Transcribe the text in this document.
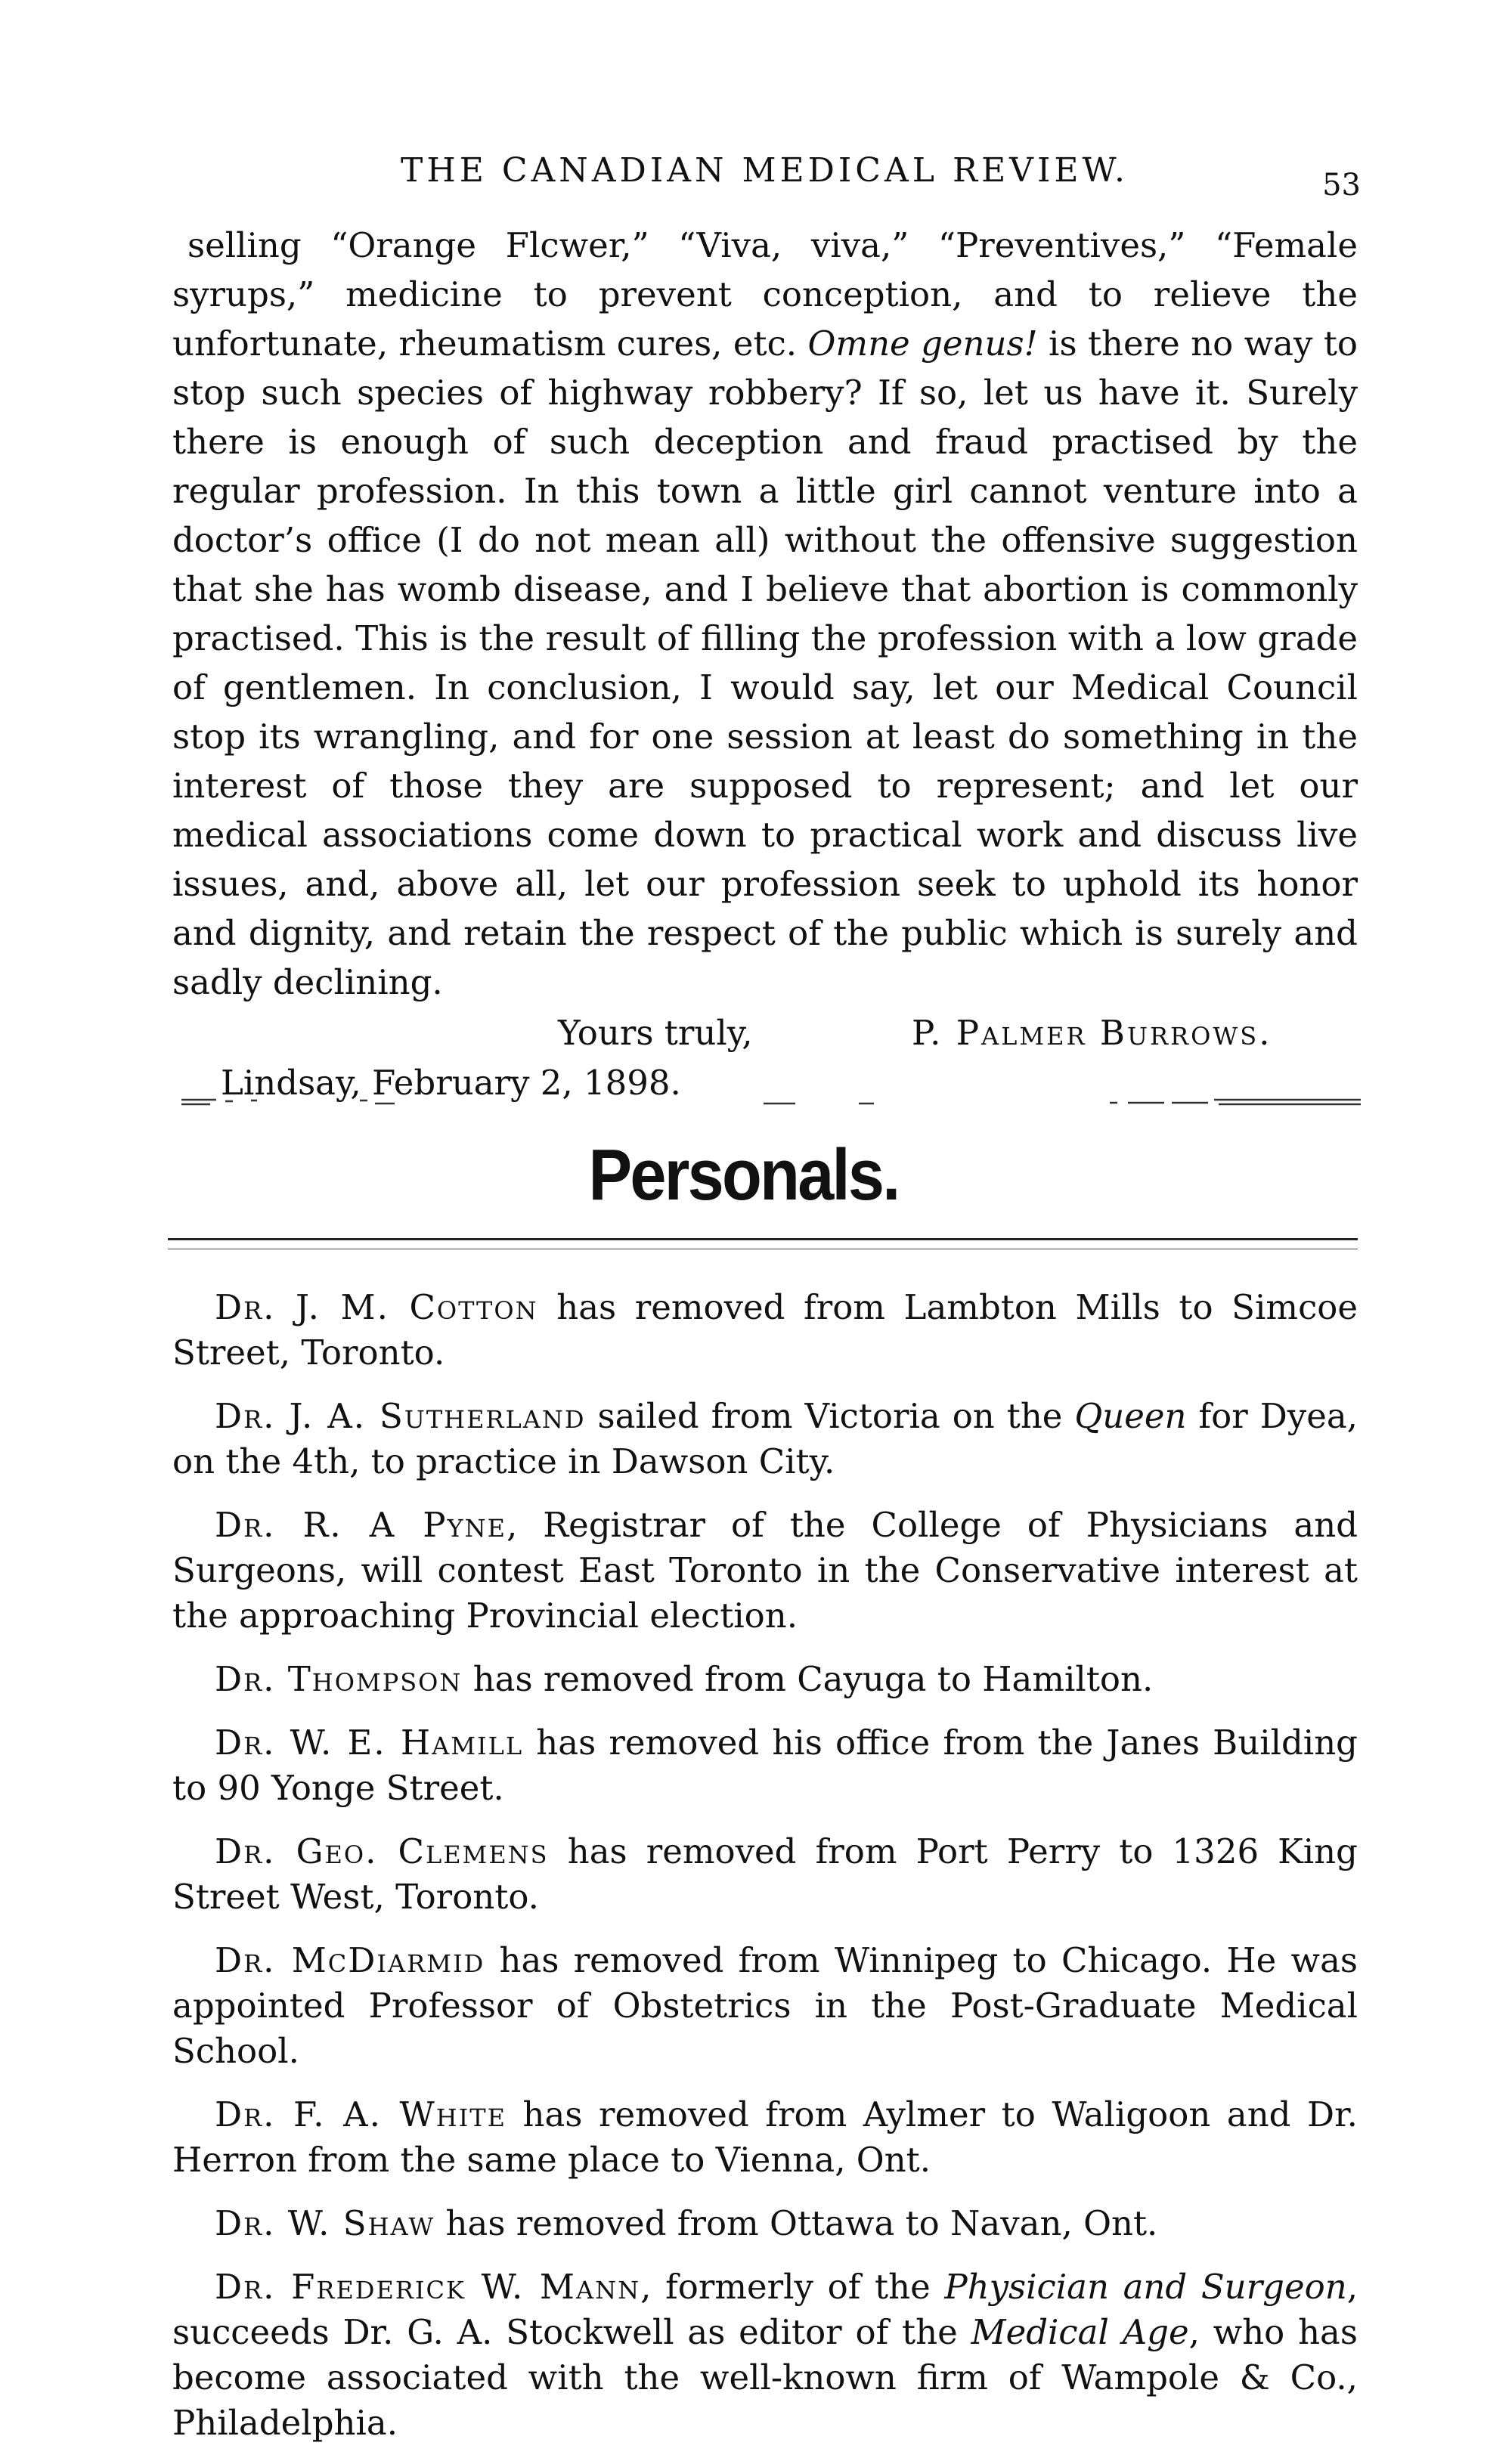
THE CANADIAN MEDICAL REVIEW.	53

selling “Orange Flcwer,” “Viva, viva,” “Preventives,” “Female syrups,” medicine to prevent conception, and to relieve the unfortunate, rheumatism cures, etc. Omne genus! is there no way to stop such species of highway robbery? If so, let us have it. Surely there is enough of such deception and fraud practised by the regular profession. In this town a little girl cannot venture into a doctor’s office (I do not mean all) without the offensive suggestion that she has womb disease, and I believe that abortion is commonly practised. This is the result of filling the profession with a low grade of gentlemen. In conclusion, I would say, let our Medical Council stop its wrangling, and for one session at least do something in the interest of those they are supposed to represent; and let our medical associations come down to practical work and discuss live issues, and, above all, let our profession seek to uphold its honor and dignity, and retain the respect of the public which is surely and sadly declining.

Yours truly,	P. Palmer Burrows.
Lindsay, February 2, 1898.
Personals.

Dr. J. M. Cotton has removed from Lambton Mills to Simcoe Street, Toronto.

Dr. J. A. Sutherland sailed from Victoria on the Queen for Dyea, on the 4th, to practice in Dawson City.

Dr. R. A Pyne, Registrar of the College of Physicians and Surgeons, will contest East Toronto in the Conservative interest at the approaching Provincial election.

Dr. Thompson has removed from Cayuga to Hamilton.

Dr. W. E. Hamill has removed his office from the Janes Building to 90 Yonge Street.

Dr. Geo. Clemens has removed from Port Perry to 1326 King Street West, Toronto.

Dr. McDiarmid has removed from Winnipeg to Chicago. He was appointed Professor of Obstetrics in the Post-Graduate Medical School.

Dr. F. A. White has removed from Aylmer to Waligoon and Dr. Herron from the same place to Vienna, Ont.

Dr. W. Shaw has removed from Ottawa to Navan, Ont.

Dr. Frederick W. Mann, formerly of the Physician and Surgeon, succeeds Dr. G. A. Stockwell as editor of the Medical Age, who has become associated with the well-known firm of Wampole & Co., Philadelphia.
